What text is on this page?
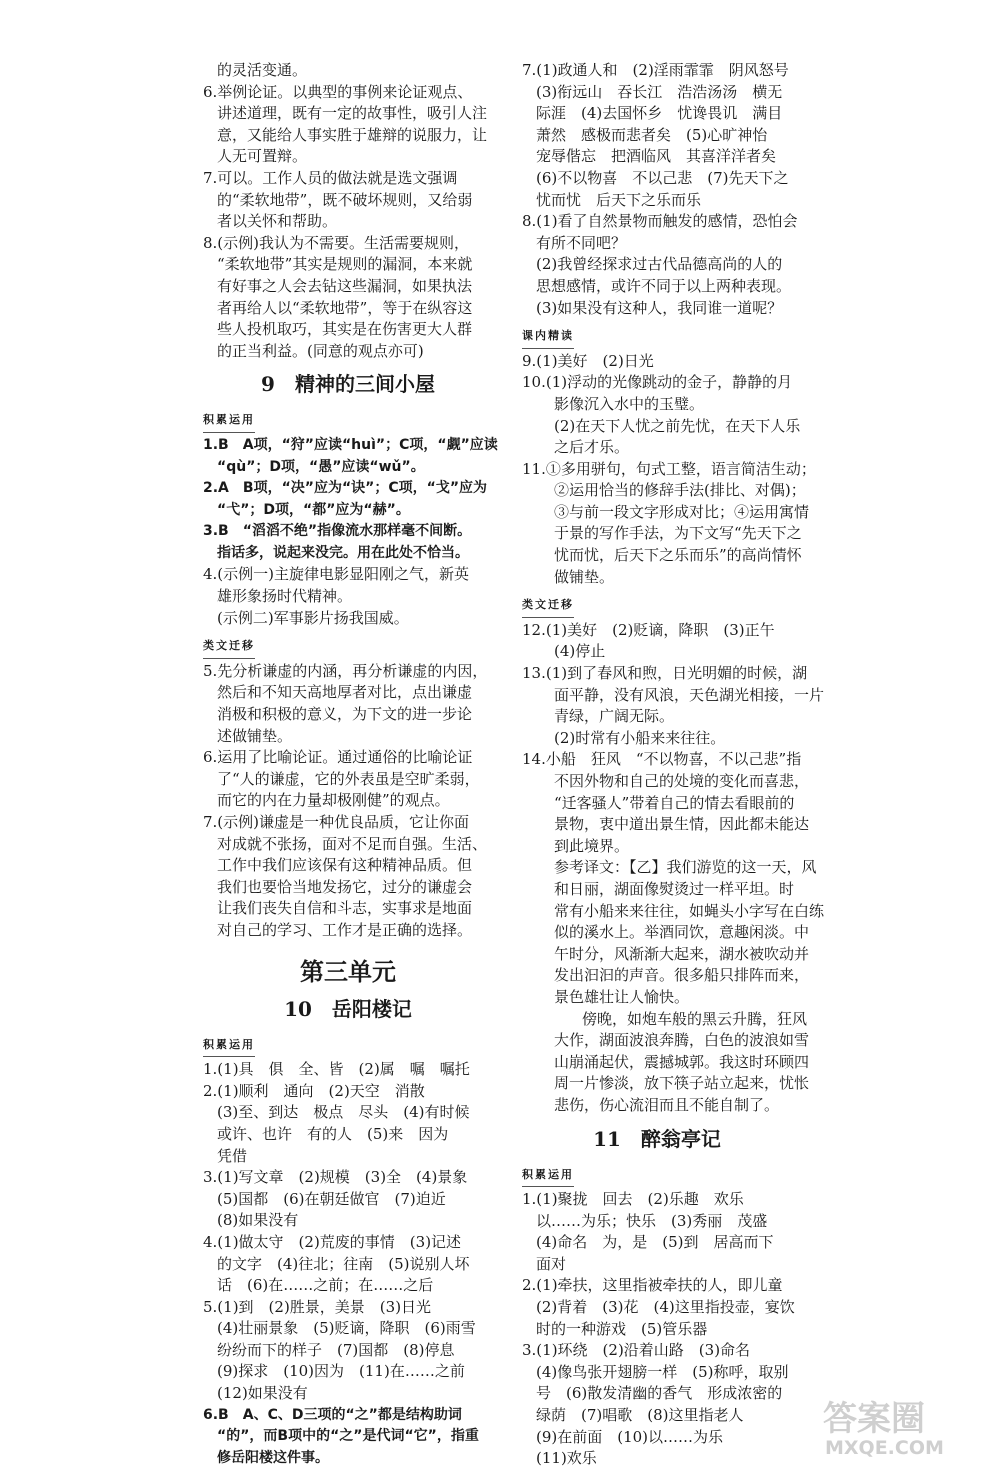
的灵活变通。
6.举例论证。以典型的事例来论证观点、
讲述道理，既有一定的故事性，吸引人注
意，又能给人事实胜于雄辩的说服力，让
人无可置辩。
7.可以。工作人员的做法就是选文强调
的“柔软地带”，既不破坏规则，又给弱
者以关怀和帮助。
8.(示例)我认为不需要。生活需要规则，
“柔软地带”其实是规则的漏洞，本来就
有好事之人会去钻这些漏洞，如果执法
者再给人以“柔软地带”，等于在纵容这
些人投机取巧，其实是在伤害更大人群
的正当利益。(同意的观点亦可)
9　精神的三间小屋
积累运用
1.B　A项，“狩”应读“huì”；C项，“觑”应读
“qù”；D项，“愚”应读“wǔ”。
2.A　B项，“决”应为“诀”；C项，“戈”应为
“弋”；D项，“都”应为“赫”。
3.B　“滔滔不绝”指像流水那样毫不间断。
指话多，说起来没完。用在此处不恰当。
4.(示例一)主旋律电影显阳刚之气，新英
雄形象扬时代精神。
(示例二)军事影片扬我国威。
类文迁移
5.先分析谦虚的内涵，再分析谦虚的内因，
然后和不知天高地厚者对比，点出谦虚
消极和积极的意义，为下文的进一步论
述做铺垫。
6.运用了比喻论证。通过通俗的比喻论证
了“人的谦虚，它的外表虽是空旷柔弱，
而它的内在力量却极刚健”的观点。
7.(示例)谦虚是一种优良品质，它让你面
对成就不张扬，面对不足而自强。生活、
工作中我们应该保有这种精神品质。但
我们也要恰当地发扬它，过分的谦虚会
让我们丧失自信和斗志，实事求是地面
对自己的学习、工作才是正确的选择。
第三单元
10　岳阳楼记
积累运用
1.(1)具　俱　全、皆　(2)属　嘱　嘱托
2.(1)顺利　通向　(2)天空　消散
(3)至、到达　极点　尽头　(4)有时候
或许、也许　有的人　(5)来　因为
凭借
3.(1)写文章　(2)规模　(3)全　(4)景象
(5)国都　(6)在朝廷做官　(7)迫近
(8)如果没有
4.(1)做太守　(2)荒废的事情　(3)记述
的文字　(4)往北；往南　(5)说别人坏
话　(6)在……之前；在……之后
5.(1)到　(2)胜景，美景　(3)日光
(4)壮丽景象　(5)贬谪，降职　(6)雨雪
纷纷而下的样子　(7)国都　(8)停息
(9)探求　(10)因为　(11)在……之前
(12)如果没有
6.B　A、C、D三项的“之”都是结构助词
“的”，而B项中的“之”是代词“它”，指重
修岳阳楼这件事。
7.(1)政通人和　(2)淫雨霏霏　阴风怒号
(3)衔远山　吞长江　浩浩汤汤　横无
际涯　(4)去国怀乡　忧谗畏讥　满目
萧然　感极而悲者矣　(5)心旷神怡
宠辱偕忘　把酒临风　其喜洋洋者矣
(6)不以物喜　不以己悲　(7)先天下之
忧而忧　后天下之乐而乐
8.(1)看了自然景物而触发的感情，恐怕会
有所不同吧？
(2)我曾经探求过古代品德高尚的人的
思想感情，或许不同于以上两种表现。
(3)如果没有这种人，我同谁一道呢？
课内精读
9.(1)美好　(2)日光
10.(1)浮动的光像跳动的金子，静静的月
影像沉入水中的玉璧。
(2)在天下人忧之前先忧，在天下人乐
之后才乐。
11.①多用骈句，句式工整，语言简洁生动；
②运用恰当的修辞手法(排比、对偶)；
③与前一段文字形成对比；④运用寓情
于景的写作手法，为下文写“先天下之
忧而忧，后天下之乐而乐”的高尚情怀
做铺垫。
类文迁移
12.(1)美好　(2)贬谪，降职　(3)正午
(4)停止
13.(1)到了春风和煦，日光明媚的时候，湖
面平静，没有风浪，天色湖光相接，一片
青绿，广阔无际。
(2)时常有小船来来往往。
14.小船　狂风　“不以物喜，不以己悲”指
不因外物和自己的处境的变化而喜悲，
“迁客骚人”带着自己的情去看眼前的
景物，衷中道出景生情，因此都未能达
到此境界。
参考译文：【乙】我们游览的这一天，风
和日丽，湖面像熨烫过一样平坦。时
常有小船来来往往，如蝇头小字写在白练
似的溪水上。举酒同饮，意趣闲淡。中
午时分，风渐渐大起来，湖水被吹动并
发出汩汩的声音。很多船只排阵而来，
景色雄壮让人愉快。
傍晚，如炮车般的黑云升腾，狂风
大作，湖面波浪奔腾，白色的波浪如雪
山崩涌起伏，震撼城郭。我这时环顾四
周一片惨淡，放下筷子站立起来，忧怅
悲伤，伤心流泪而且不能自制了。
11　醉翁亭记
积累运用
1.(1)聚拢　回去　(2)乐趣　欢乐
以……为乐；快乐　(3)秀丽　茂盛
(4)命名　为，是　(5)到　居高而下
面对
2.(1)牵扶，这里指被牵扶的人，即儿童
(2)背着　(3)花　(4)这里指投壶，宴饮
时的一种游戏　(5)管乐器
3.(1)环绕　(2)沿着山路　(3)命名
(4)像鸟张开翅膀一样　(5)称呼，取别
号　(6)散发清幽的香气　形成浓密的
绿荫　(7)唱歌　(8)这里指老人
(9)在前面　(10)以……为乐
(11)欢乐
答案圈
MXQE.COM
